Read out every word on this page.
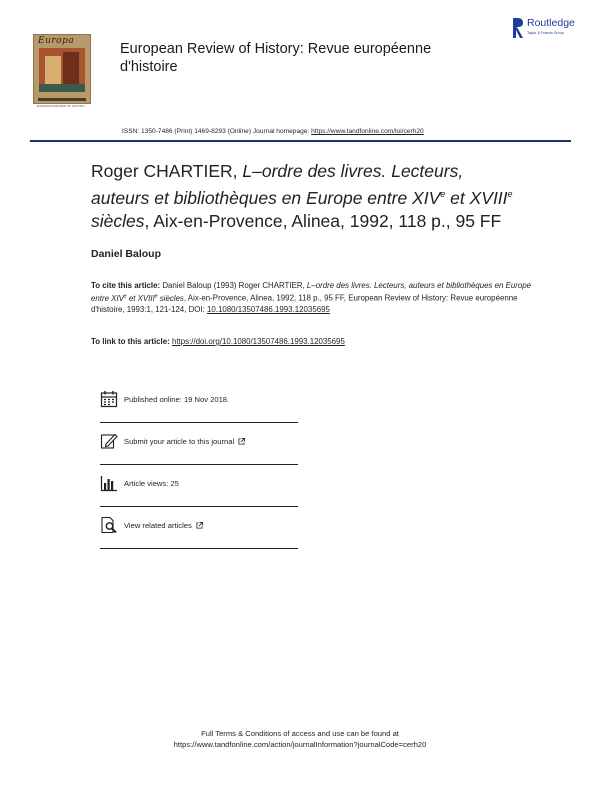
Europa
EUROPEAN REVIEW OF HISTORY
European Review of History: Revue européenne d'histoire
Routledge
Taylor & Francis Group
ISSN: 1350-7486 (Print) 1469-8293 (Online) Journal homepage: https://www.tandfonline.com/loi/cerh20
Roger CHARTIER, L–ordre des livres. Lecteurs,
auteurs et bibliothèques en Europe entre XIVe et XVIIIe
siècles, Aix-en-Provence, Alinea, 1992, 118 p., 95 FF
Daniel Baloup
To cite this article: Daniel Baloup (1993) Roger CHARTIER, L–ordre des livres. Lecteurs, auteurs et bibliothèques en Europe entre XIVe et XVIIIe siècles, Aix-en-Provence, Alinea, 1992, 118 p., 95 FF, European Review of History: Revue européenne d'histoire, 1993:1, 121-124, DOI: 10.1080/13507486.1993.12035695
To link to this article: https://doi.org/10.1080/13507486.1993.12035695
Published online: 19 Nov 2018.
Submit your article to this journal
Article views: 25
View related articles
Full Terms & Conditions of access and use can be found at
https://www.tandfonline.com/action/journalInformation?journalCode=cerh20
